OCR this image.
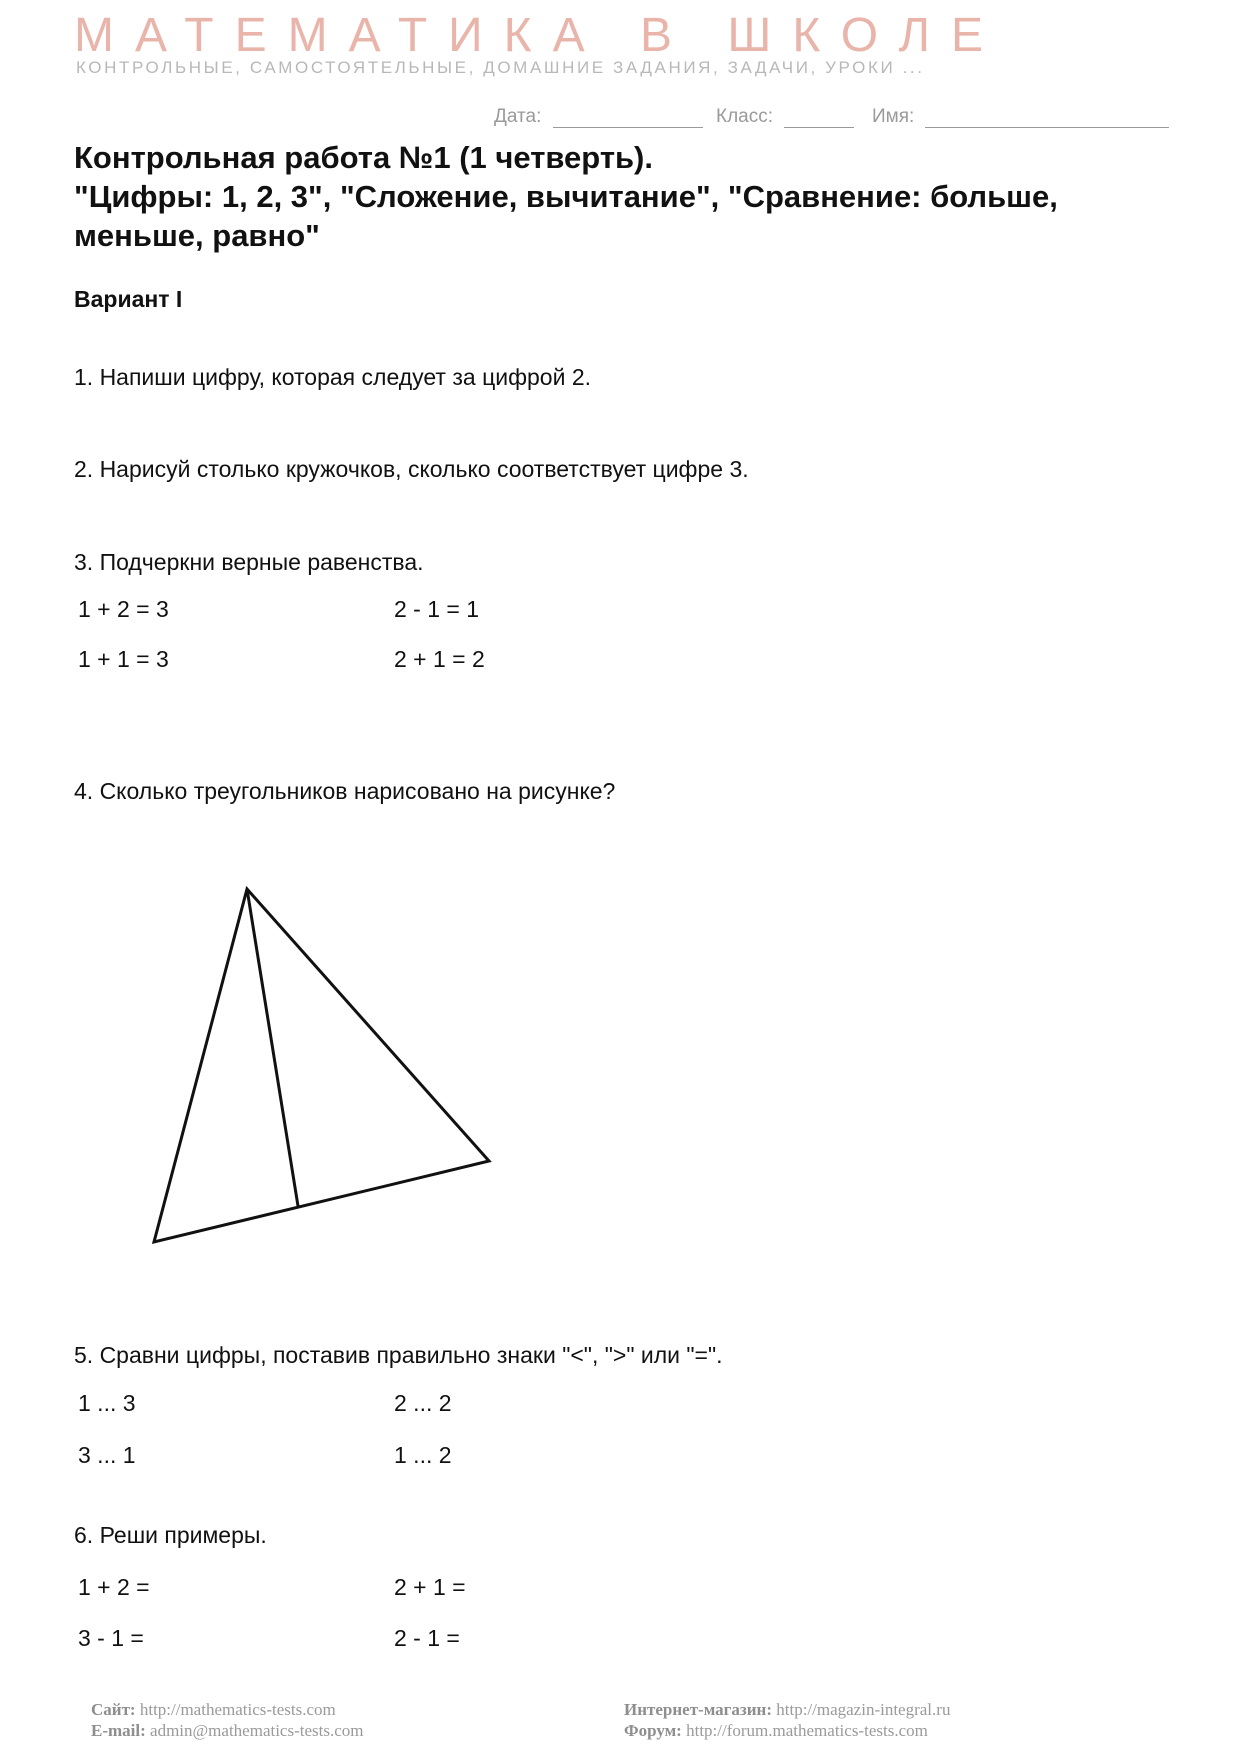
МАТЕМАТИКА В ШКОЛЕ
КОНТРОЛЬНЫЕ, САМОСТОЯТЕЛЬНЫЕ, ДОМАШНИЕ ЗАДАНИЯ, ЗАДАЧИ, УРОКИ ...
Дата:	Класс:	Имя:
Контрольная работа №1 (1 четверть).
"Цифры: 1, 2, 3", "Сложение, вычитание", "Сравнение: больше,
меньше, равно"
Вариант I
1. Напиши цифру, которая следует за цифрой 2.
2. Нарисуй столько кружочков, сколько соответствует цифре 3.
3. Подчеркни верные равенства.
1 + 2 = 3	2 - 1 = 1
1 + 1 = 3	2 + 1 = 2
4. Сколько треугольников нарисовано на рисунке?
5. Сравни цифры, поставив правильно знаки "<", ">" или "=".
1 ... 3	2 ... 2
3 ... 1	1 ... 2
6. Реши примеры.
1 + 2 =	2 + 1 =
3 - 1 =	2 - 1 =
Сайт: http://mathematics-tests.com
E-mail: admin@mathematics-tests.com
Интернет-магазин: http://magazin-integral.ru
Форум: http://forum.mathematics-tests.com
